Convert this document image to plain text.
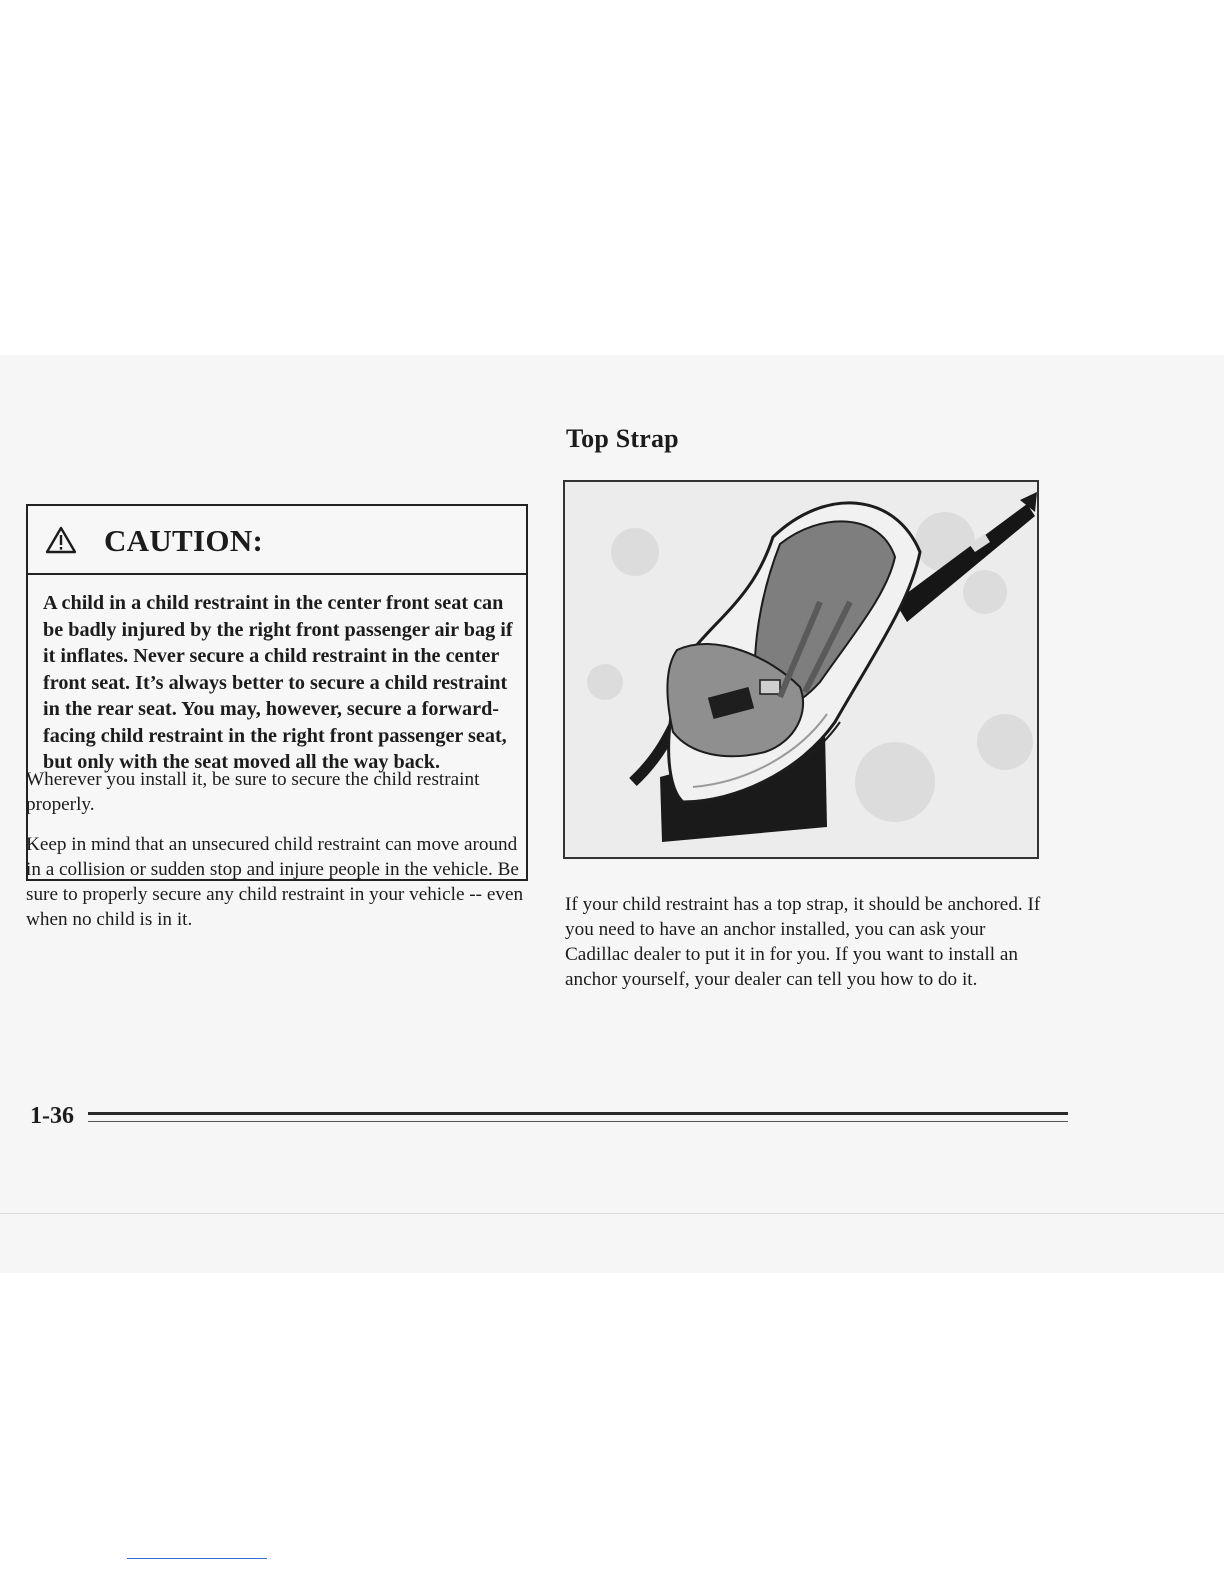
CAUTION:
A child in a child restraint in the center front seat can be badly injured by the right front passenger air bag if it inflates. Never secure a child restraint in the center front seat. It’s always better to secure a child restraint in the rear seat. You may, however, secure a forward-facing child restraint in the right front passenger seat, but only with the seat moved all the way back.

Wherever you install it, be sure to secure the child restraint properly.

Keep in mind that an unsecured child restraint can move around in a collision or sudden stop and injure people in the vehicle. Be sure to properly secure any child restraint in your vehicle -- even when no child is in it.

Top Strap

If your child restraint has a top strap, it should be anchored. If you need to have an anchor installed, you can ask your Cadillac dealer to put it in for you. If you want to install an anchor yourself, your dealer can tell you how to do it.

1-36
